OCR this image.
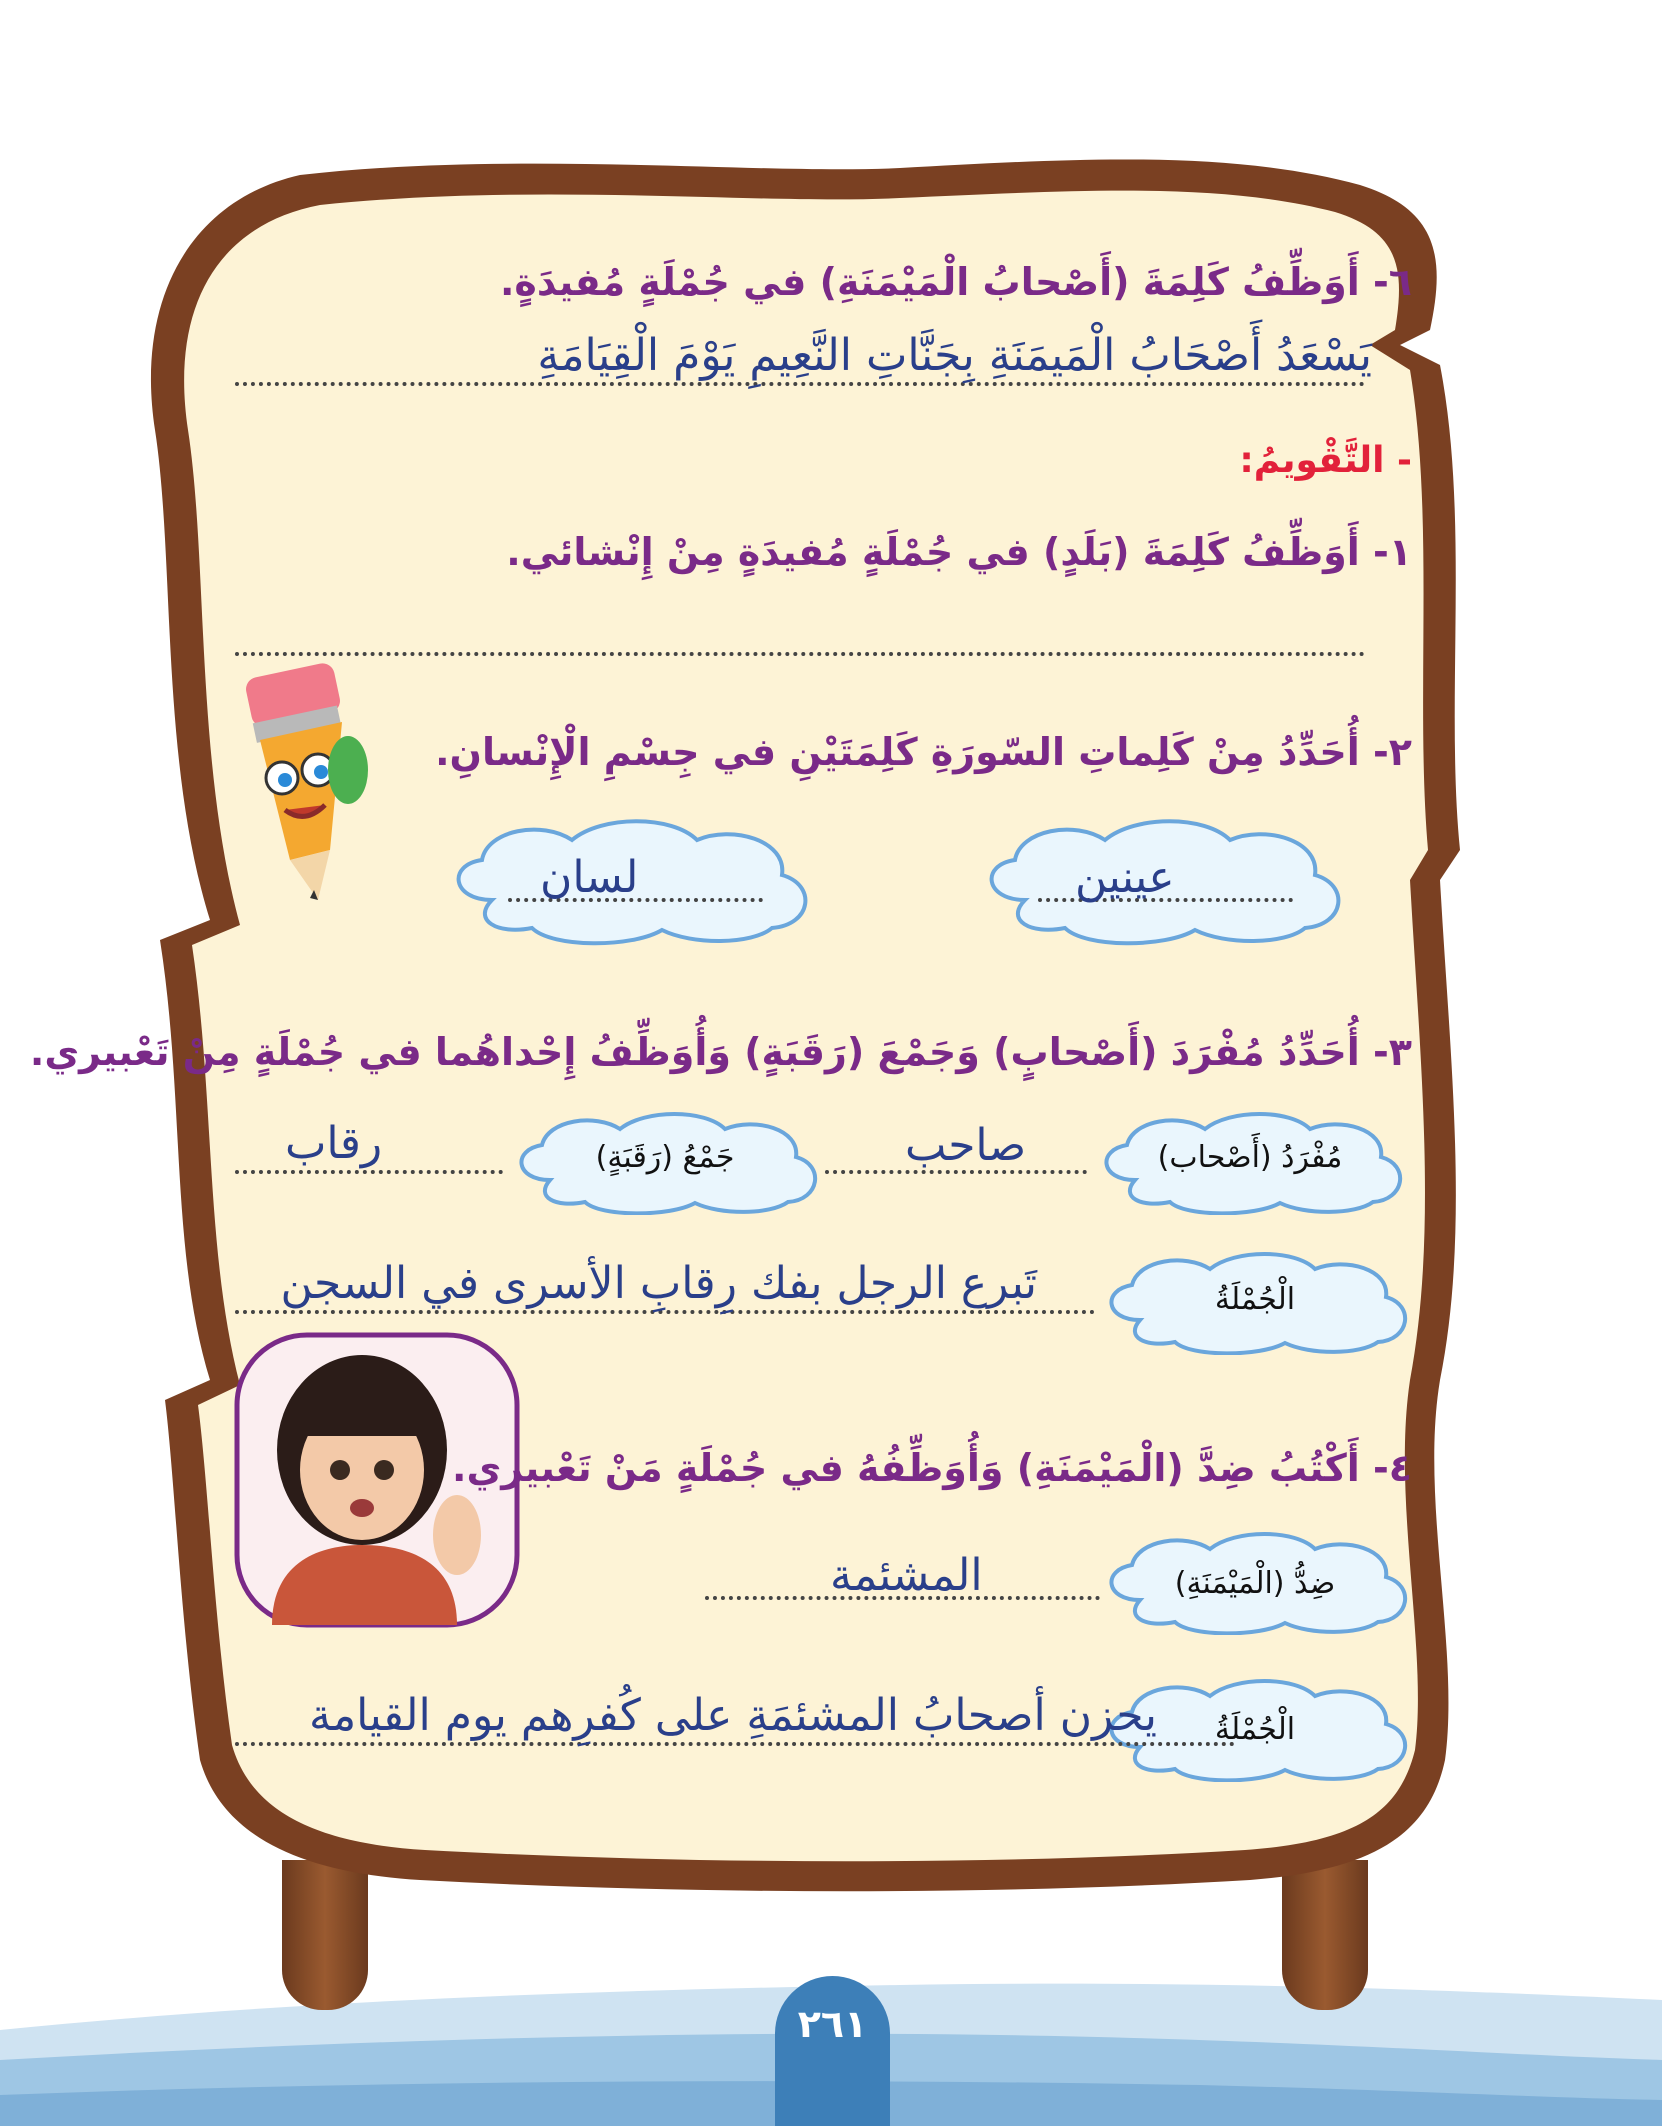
٦- أَوَظِّفُ كَلِمَةَ (أَصْحابُ الْمَيْمَنَةِ) في جُمْلَةٍ مُفيدَةٍ.
يَسْعَدُ أَصْحَابُ الْمَيمَنَةِ بِجَنَّاتِ النَّعِيمِ يَوْمَ الْقِيَامَةِ
- التَّقْويمُ:
١- أَوَظِّفُ كَلِمَةَ (بَلَدٍ) في جُمْلَةٍ مُفيدَةٍ مِنْ إِنْشائي.
٢- أُحَدِّدُ مِنْ كَلِماتِ السّورَةِ كَلِمَتَيْنِ في جِسْمِ الْإِنْسانِ.
عينين
لسان
٣- أُحَدِّدُ مُفْرَدَ (أَصْحابٍ) وَجَمْعَ (رَقَبَةٍ) وَأُوَظِّفُ إِحْداهُما في جُمْلَةٍ مِنْ تَعْبيري.
مُفْرَدُ (أَصْحاب)
صاحب
جَمْعُ (رَقَبَةٍ)
رقاب
الْجُمْلَةُ
تَبرع الرجل بفك رِقابِ الأسرى في السجن
٤- أَكْتُبُ ضِدَّ (الْمَيْمَنَةِ) وَأُوَظِّفُهُ في جُمْلَةٍ مَنْ تَعْبيري.
ضِدُّ (الْمَيْمَنَةِ)
المشئمة
يحزن أصحابُ المشئمَةِ على كُفرِهم يوم القيامة	الْجُمْلَةُ
٢٦١
